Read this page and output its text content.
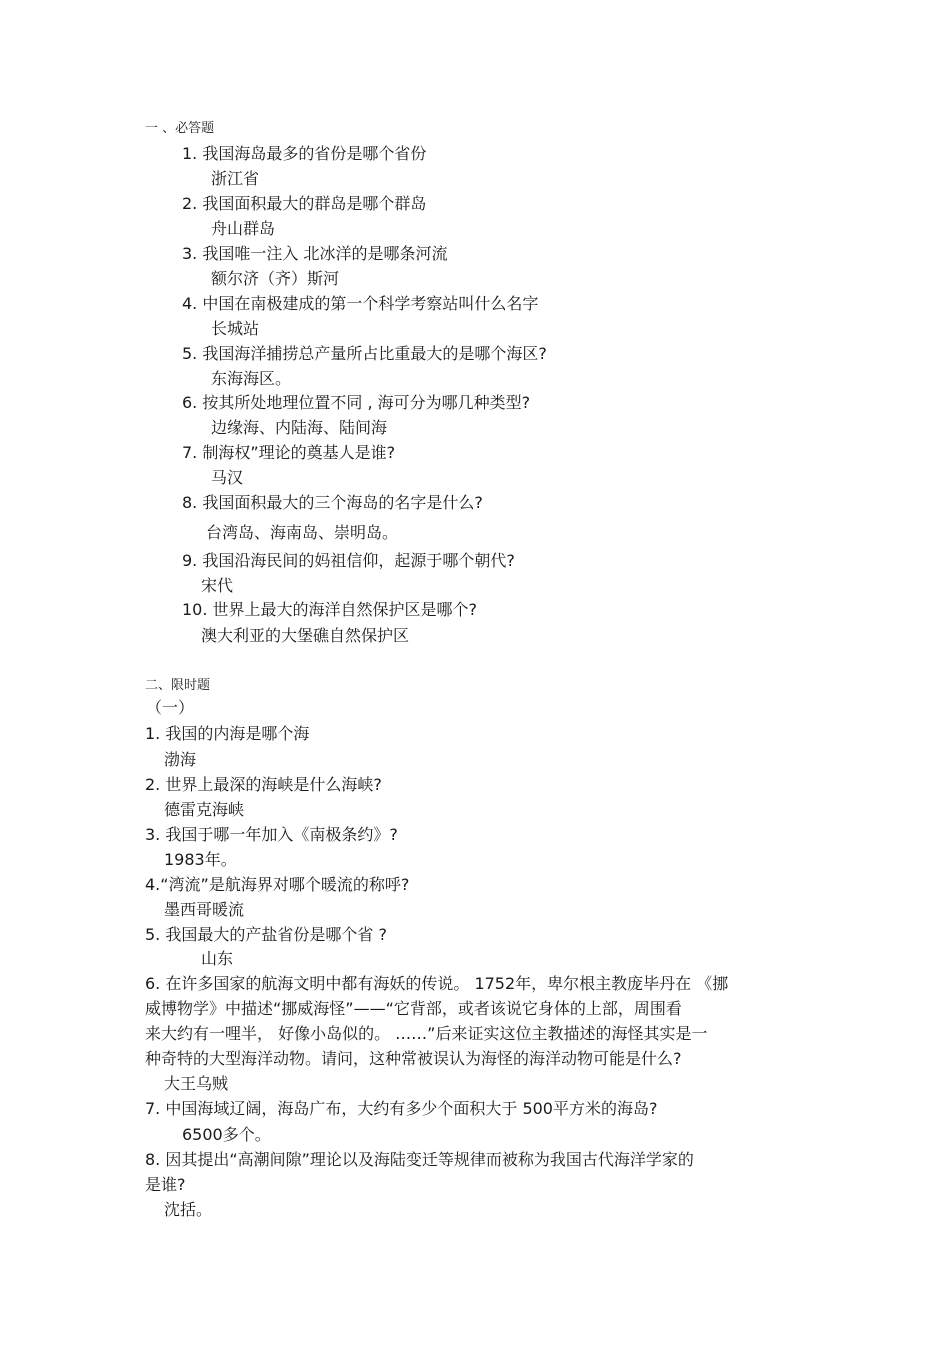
一 、必答题
1. 我国海岛最多的省份是哪个省份
浙江省
2. 我国面积最大的群岛是哪个群岛
舟山群岛
3. 我国唯一注入 北冰洋的是哪条河流
额尔济（齐）斯河
4. 中国在南极建成的第一个科学考察站叫什么名字
长城站
5. 我国海洋捕捞总产量所占比重最大的是哪个海区?
东海海区。
6. 按其所处地理位置不同 , 海可分为哪几种类型?
边缘海、内陆海、陆间海
7. 制海权”理论的奠基人是谁?
马汉
8. 我国面积最大的三个海岛的名字是什么?
台湾岛、海南岛、崇明岛。
9. 我国沿海民间的妈祖信仰，起源于哪个朝代?
宋代
10. 世界上最大的海洋自然保护区是哪个?
澳大利亚的大堡礁自然保护区
二、限时题
（一）
1. 我国的内海是哪个海
渤海
2. 世界上最深的海峡是什么海峡?
德雷克海峡
3. 我国于哪一年加入《南极条约》?
1983年。
4.“湾流”是航海界对哪个暖流的称呼?
墨西哥暖流
5. 我国最大的产盐省份是哪个省 ?
山东
6. 在许多国家的航海文明中都有海妖的传说。 1752年，卑尔根主教庞毕丹在 《挪
威博物学》中描述“挪威海怪”——“它背部，或者该说它身体的上部，周围看
来大约有一哩半， 好像小岛似的。 ……”后来证实这位主教描述的海怪其实是一
种奇特的大型海洋动物。请问，这种常被误认为海怪的海洋动物可能是什么?
大王乌贼
7. 中国海域辽阔，海岛广布，大约有多少个面积大于 500平方米的海岛?
6500多个。
8. 因其提出“高潮间隙”理论以及海陆变迁等规律而被称为我国古代海洋学家的
是谁?
沈括。
